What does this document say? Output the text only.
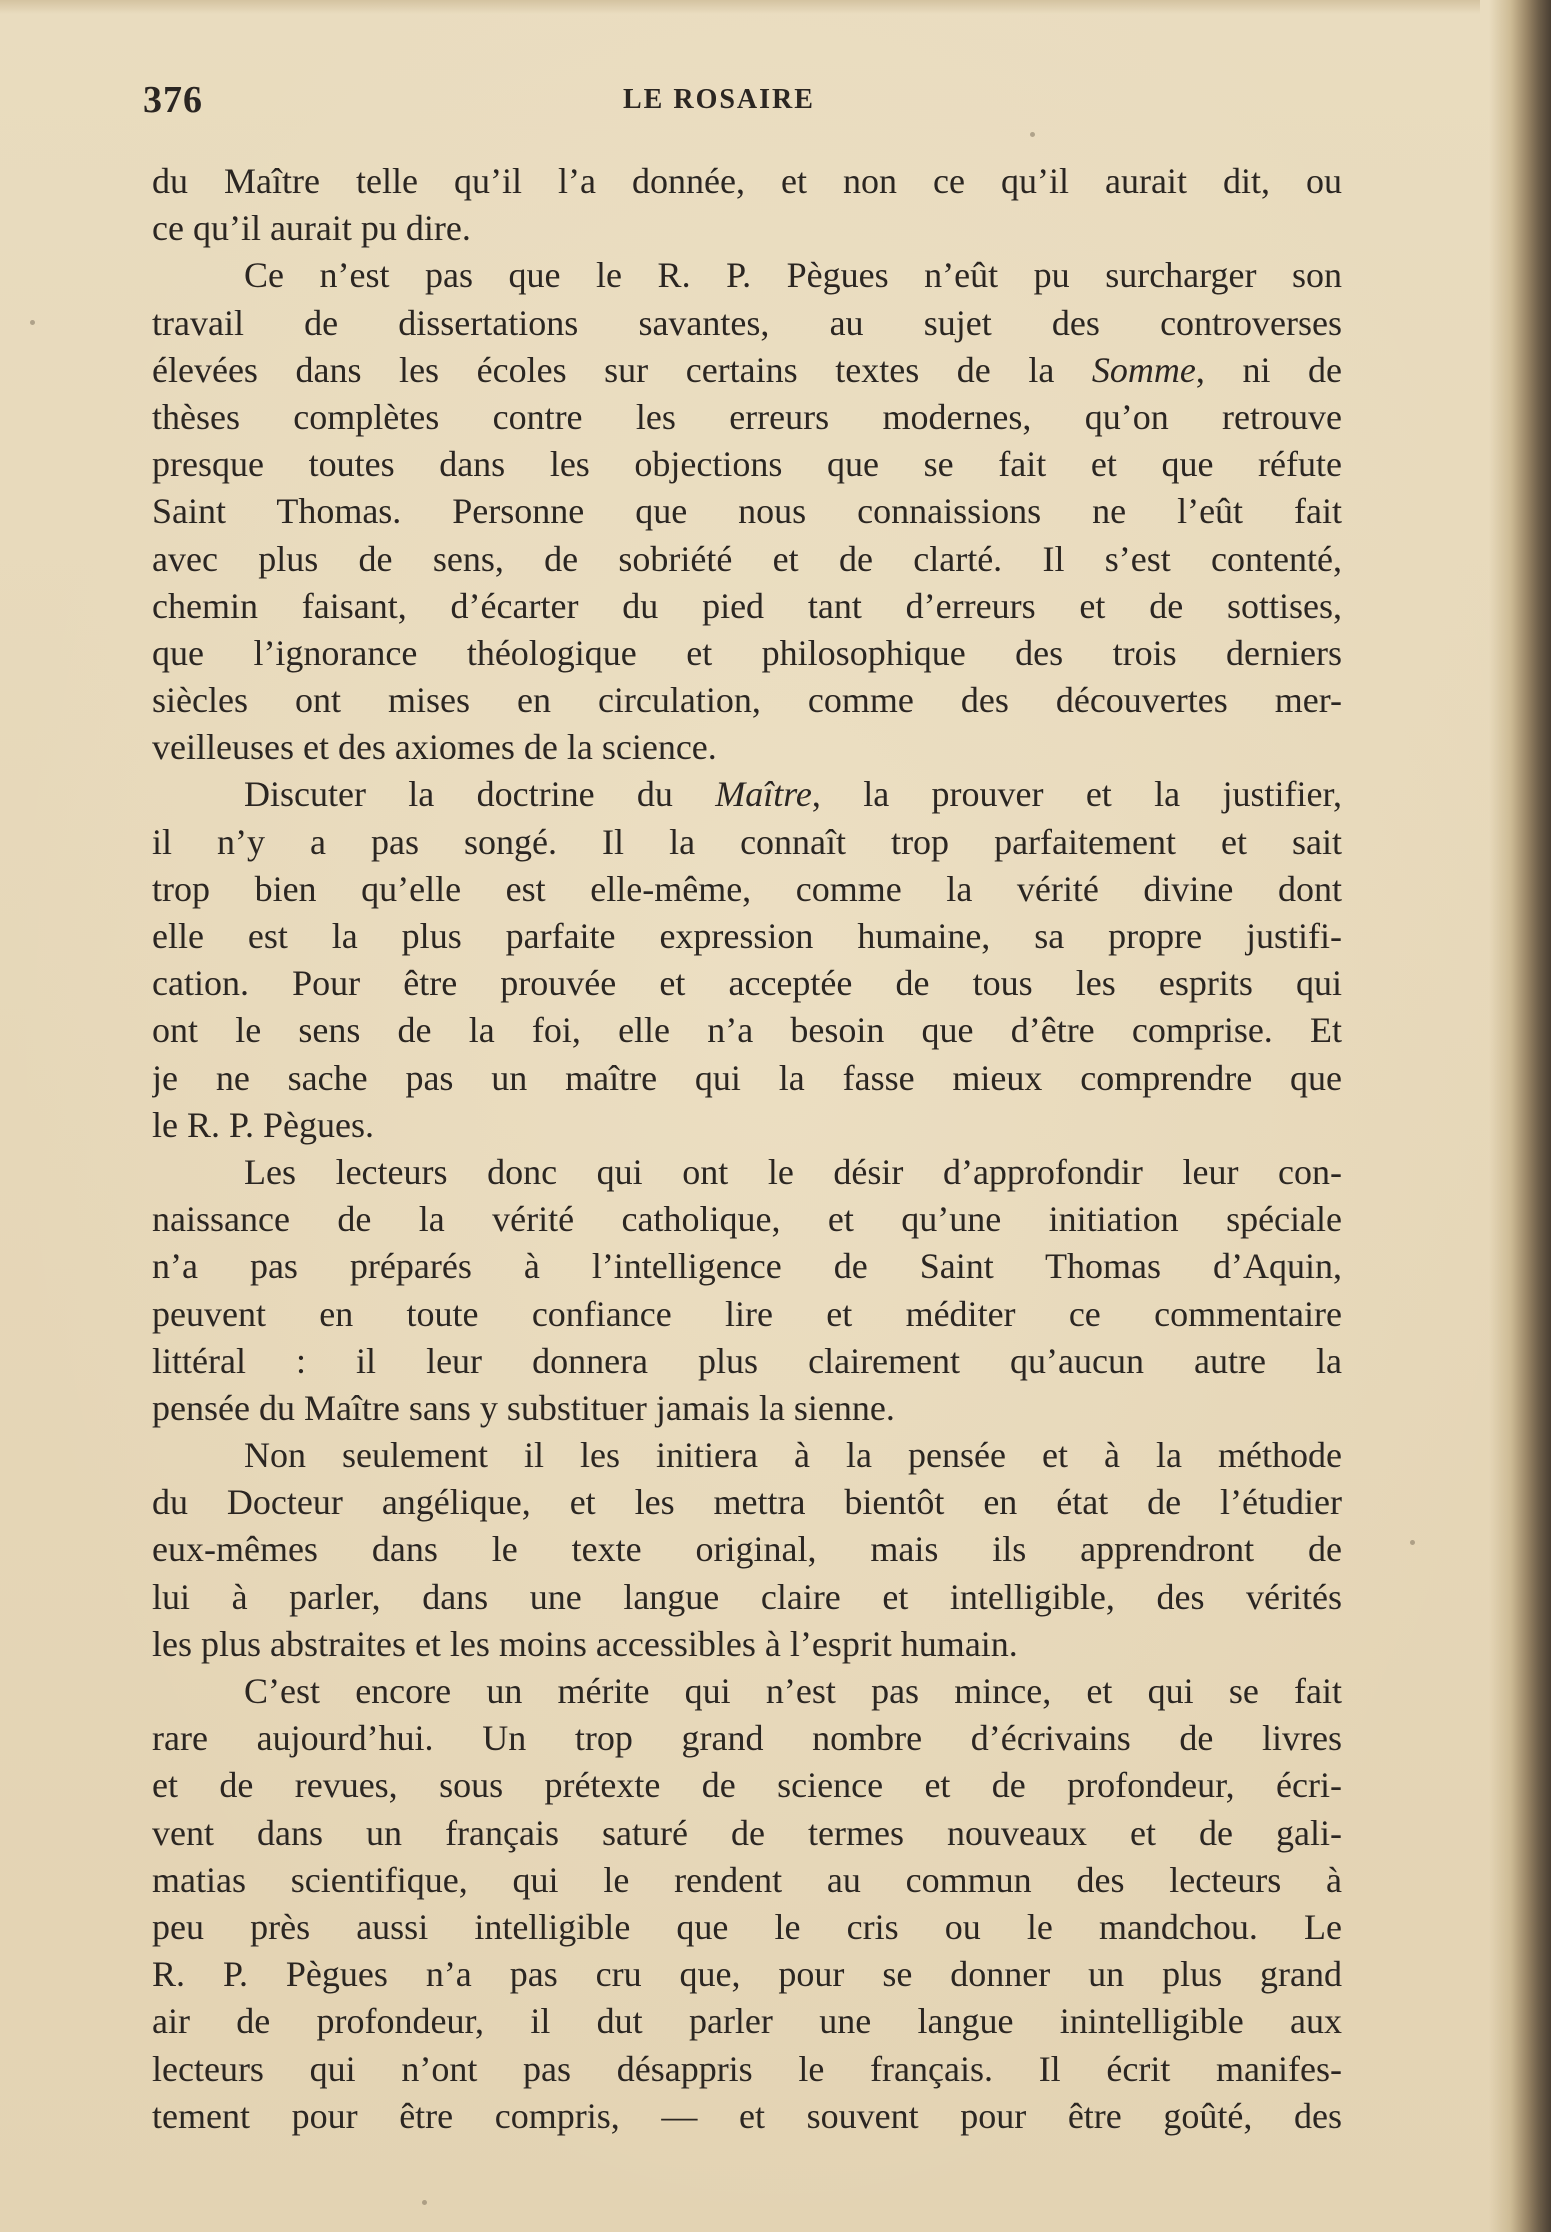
376	LE ROSAIRE
du Maître telle qu’il l’a donnée, et non ce qu’il aurait dit, ou
ce qu’il aurait pu dire.
Ce n’est pas que le R. P. Pègues n’eût pu surcharger son
travail de dissertations savantes, au sujet des controverses
élevées dans les écoles sur certains textes de la Somme, ni de
thèses complètes contre les erreurs modernes, qu’on retrouve
presque toutes dans les objections que se fait et que réfute
Saint Thomas. Personne que nous connaissions ne l’eût fait
avec plus de sens, de sobriété et de clarté. Il s’est contenté,
chemin faisant, d’écarter du pied tant d’erreurs et de sottises,
que l’ignorance théologique et philosophique des trois derniers
siècles ont mises en circulation, comme des découvertes mer-
veilleuses et des axiomes de la science.
Discuter la doctrine du Maître, la prouver et la justifier,
il n’y a pas songé. Il la connaît trop parfaitement et sait
trop bien qu’elle est elle-même, comme la vérité divine dont
elle est la plus parfaite expression humaine, sa propre justifi-
cation. Pour être prouvée et acceptée de tous les esprits qui
ont le sens de la foi, elle n’a besoin que d’être comprise. Et
je ne sache pas un maître qui la fasse mieux comprendre que
le R. P. Pègues.
Les lecteurs donc qui ont le désir d’approfondir leur con-
naissance de la vérité catholique, et qu’une initiation spéciale
n’a pas préparés à l’intelligence de Saint Thomas d’Aquin,
peuvent en toute confiance lire et méditer ce commentaire
littéral : il leur donnera plus clairement qu’aucun autre la
pensée du Maître sans y substituer jamais la sienne.
Non seulement il les initiera à la pensée et à la méthode
du Docteur angélique, et les mettra bientôt en état de l’étudier
eux-mêmes dans le texte original, mais ils apprendront de
lui à parler, dans une langue claire et intelligible, des vérités
les plus abstraites et les moins accessibles à l’esprit humain.
C’est encore un mérite qui n’est pas mince, et qui se fait
rare aujourd’hui. Un trop grand nombre d’écrivains de livres
et de revues, sous prétexte de science et de profondeur, écri-
vent dans un français saturé de termes nouveaux et de gali-
matias scientifique, qui le rendent au commun des lecteurs à
peu près aussi intelligible que le cris ou le mandchou. Le
R. P. Pègues n’a pas cru que, pour se donner un plus grand
air de profondeur, il dut parler une langue inintelligible aux
lecteurs qui n’ont pas désappris le français. Il écrit manifes-
tement pour être compris, — et souvent pour être goûté, des
